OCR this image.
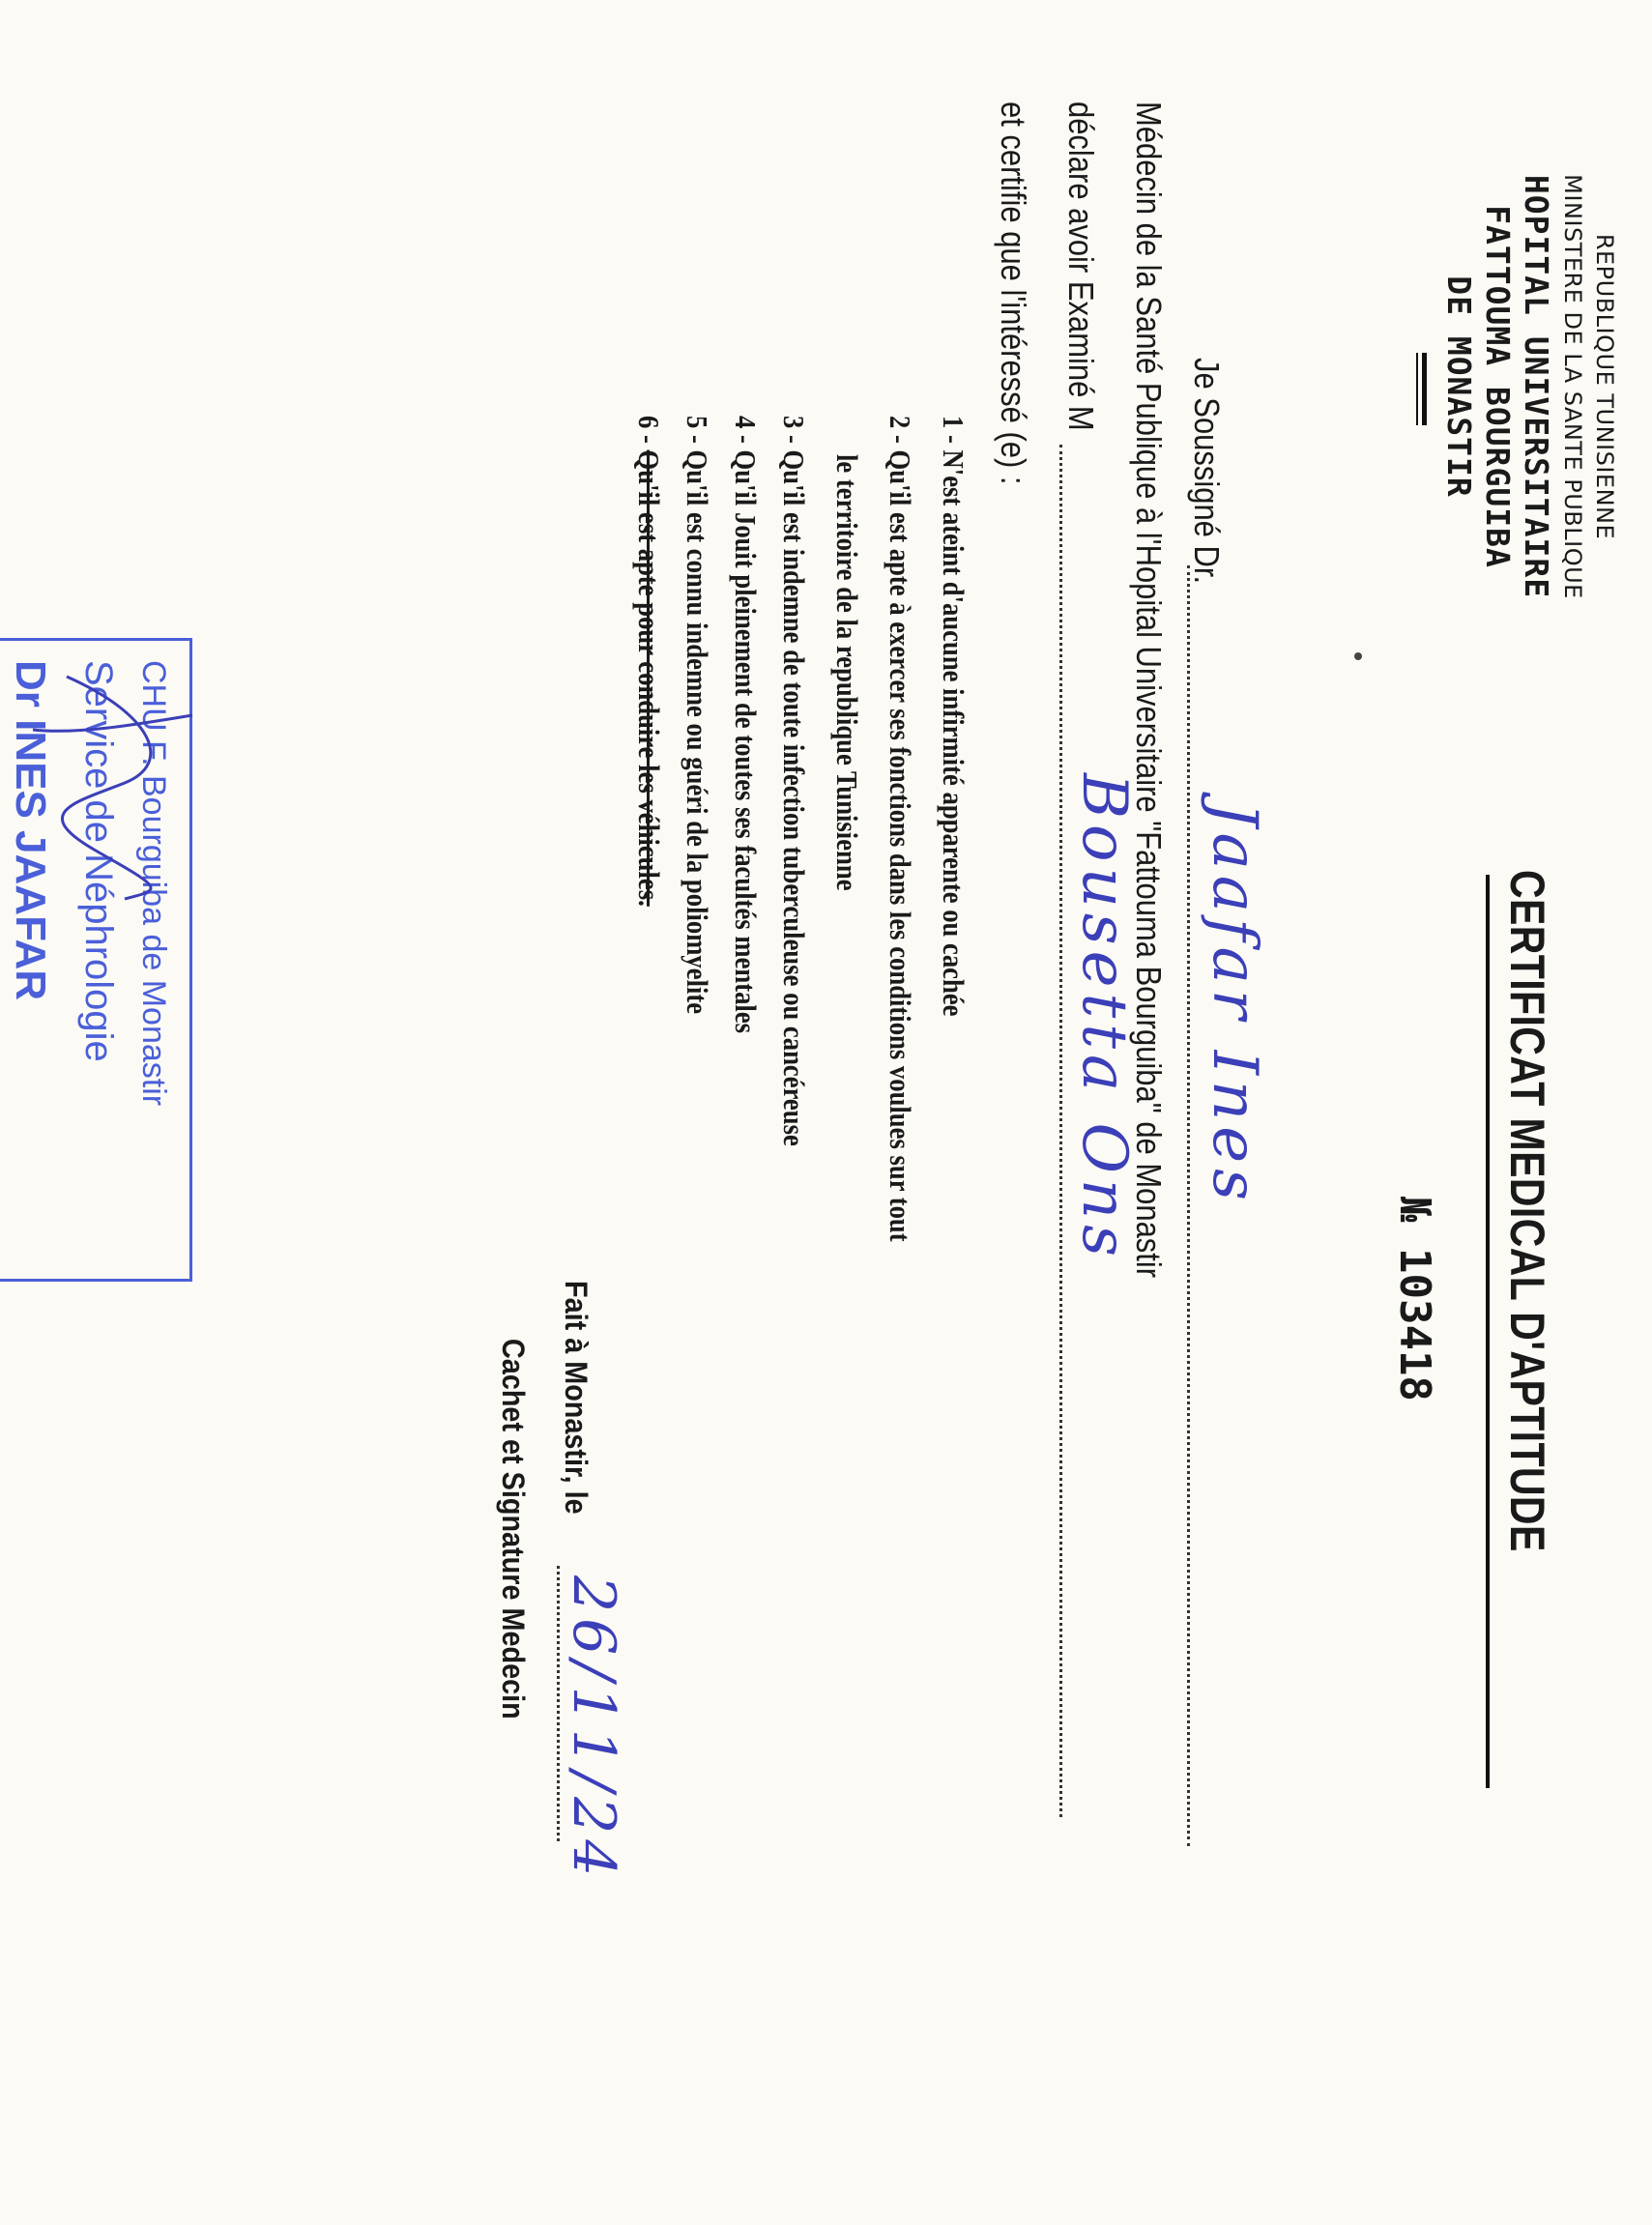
REPUBLIQUE TUNISIENNE
MINISTERE DE LA SANTE PUBLIQUE
HOPITAL UNIVERSITAIRE
FATTOUMA BOURGUIBA
DE MONASTIR
CERTIFICAT MEDICAL D'APTITUDE
№ 103418
Je Soussigné Dr.
Jaafar Ines
Médecin de la Santé Publique à l'Hopital Universitaire "Fattouma Bourguiba" de Monastir
déclare avoir Examiné M
Bousetta Ons
et certifie que l'intéressé (e) :
1 - N'est ateint d'aucune infirmité apparente ou cachée
2 - Qu'il est apte à exercer ses fonctions dans les conditions voulues sur tout
le territoire de la republique Tunisienne
3 - Qu'il est indemne de toute infection tuberculeuse ou cancéreuse
4 - Qu'il Jouit pleinement de toutes ses facultés mentales
5 - Qu'il est connu indemne ou guéri de la poliomyelite
6 - Qu'il est apte pour conduire les véhicules.
Fait à Monastir, le
26/11/24
Cachet et Signature Medecin
CHU F. Bourguiba de Monastir
Service de Néphrologie
Dr INES JAAFAR
